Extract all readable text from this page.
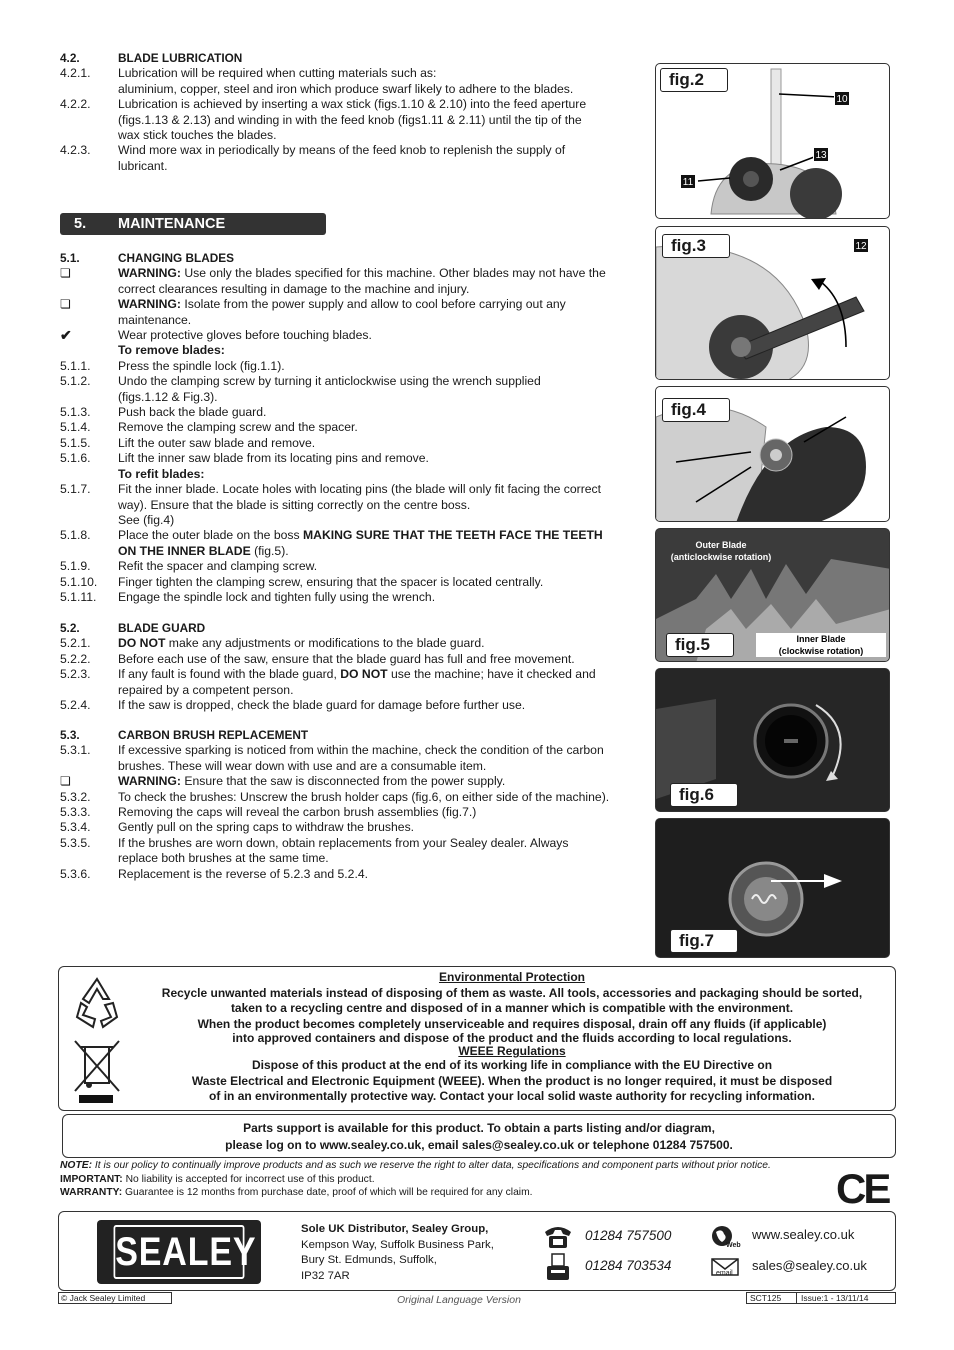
4.2.	BLADE LUBRICATION
4.2.1.	Lubrication will be required when cutting materials such as:
aluminium, copper, steel and iron which produce swarf likely to adhere to the blades.
4.2.2.	Lubrication is achieved by inserting a wax stick (figs.1.10 & 2.10) into the feed aperture
(figs.1.13 & 2.13) and winding in with the feed knob (figs1.11 & 2.11) until the tip of the
wax stick touches the blades.
4.2.3.	Wind more wax in periodically by means of the feed knob to replenish the supply of
lubricant.
5. MAINTENANCE
5.1.	CHANGING BLADES
❏	WARNING: Use only the blades specified for this machine. Other blades may not have the
correct clearances resulting in damage to the machine and injury.
❏	WARNING: Isolate from the power supply and allow to cool before carrying out any
maintenance.
✔	Wear protective gloves before touching blades.
To remove blades:
5.1.1.	Press the spindle lock (fig.1.1).
5.1.2.	Undo the clamping screw by turning it anticlockwise using the wrench supplied
(figs.1.12 & Fig.3).
5.1.3.	Push back the blade guard.
5.1.4.	Remove the clamping screw and the spacer.
5.1.5.	Lift the outer saw blade and remove.
5.1.6.	Lift the inner saw blade from its locating pins and remove.
To refit blades:
5.1.7.	Fit the inner blade. Locate holes with locating pins (the blade will only fit facing the correct
way). Ensure that the blade is sitting correctly on the centre boss.
See (fig.4)
5.1.8.	Place the outer blade on the boss MAKING SURE THAT THE TEETH FACE THE TEETH
ON THE INNER BLADE (fig.5).
5.1.9.	Refit the spacer and clamping screw.
5.1.10.	Finger tighten the clamping screw, ensuring that the spacer is located centrally.
5.1.11.	Engage the spindle lock and tighten fully using the wrench.
5.2.	BLADE GUARD
5.2.1.	DO NOT make any adjustments or modifications to the blade guard.
5.2.2.	Before each use of the saw, ensure that the blade guard has full and free movement.
5.2.3.	If any fault is found with the blade guard, DO NOT use the machine; have it checked and
repaired by a competent person.
5.2.4.	If the saw is dropped, check the blade guard for damage before further use.
5.3.	CARBON BRUSH REPLACEMENT
5.3.1.	If excessive sparking is noticed from within the machine, check the condition of the carbon
brushes. These will wear down with use and are a consumable item.
❏	WARNING: Ensure that the saw is disconnected from the power supply.
5.3.2.	To check the brushes: Unscrew the brush holder caps (fig.6, on either side of the machine).
5.3.3.	Removing the caps will reveal the carbon brush assemblies (fig.7.)
5.3.4.	Gently pull on the spring caps to withdraw the brushes.
5.3.5.	If the brushes are worn down, obtain replacements from your Sealey dealer. Always
replace both brushes at the same time.
5.3.6.	Replacement is the reverse of 5.2.3 and 5.2.4.
fig.2
10
13
11
fig.3	12
fig.4
Outer Blade
(anticlockwise rotation)
Inner Blade
(clockwise rotation)
fig.5
fig.6
fig.7
Environmental Protection
Recycle unwanted materials instead of disposing of them as waste. All tools, accessories and packaging should be sorted,
taken to a recycling centre and disposed of in a manner which is compatible with the environment.
When the product becomes completely unserviceable and requires disposal, drain off any fluids (if applicable)
into approved containers and dispose of the product and the fluids according to local regulations.
WEEE Regulations
Dispose of this product at the end of its working life in compliance with the EU Directive on
Waste Electrical and Electronic Equipment (WEEE). When the product is no longer required, it must be disposed
of in an environmentally protective way. Contact your local solid waste authority for recycling information.
Parts support is available for this product. To obtain a parts listing and/or diagram,
please log on to www.sealey.co.uk, email sales@sealey.co.uk or telephone 01284 757500.
NOTE: It is our policy to continually improve products and as such we reserve the right to alter data, specifications and component parts without prior notice.
IMPORTANT: No liability is accepted for incorrect use of this product.
WARRANTY: Guarantee is 12 months from purchase date, proof of which will be required for any claim.	CE
SEALEY
Sole UK Distributor, Sealey Group,
Kempson Way, Suffolk Business Park,
Bury St. Edmunds, Suffolk,
IP32 7AR
01284 757500
01284 703534
Web
www.sealey.co.uk
email
sales@sealey.co.uk
© Jack Sealey Limited	Original Language Version	SCT125 Issue:1 - 13/11/14
